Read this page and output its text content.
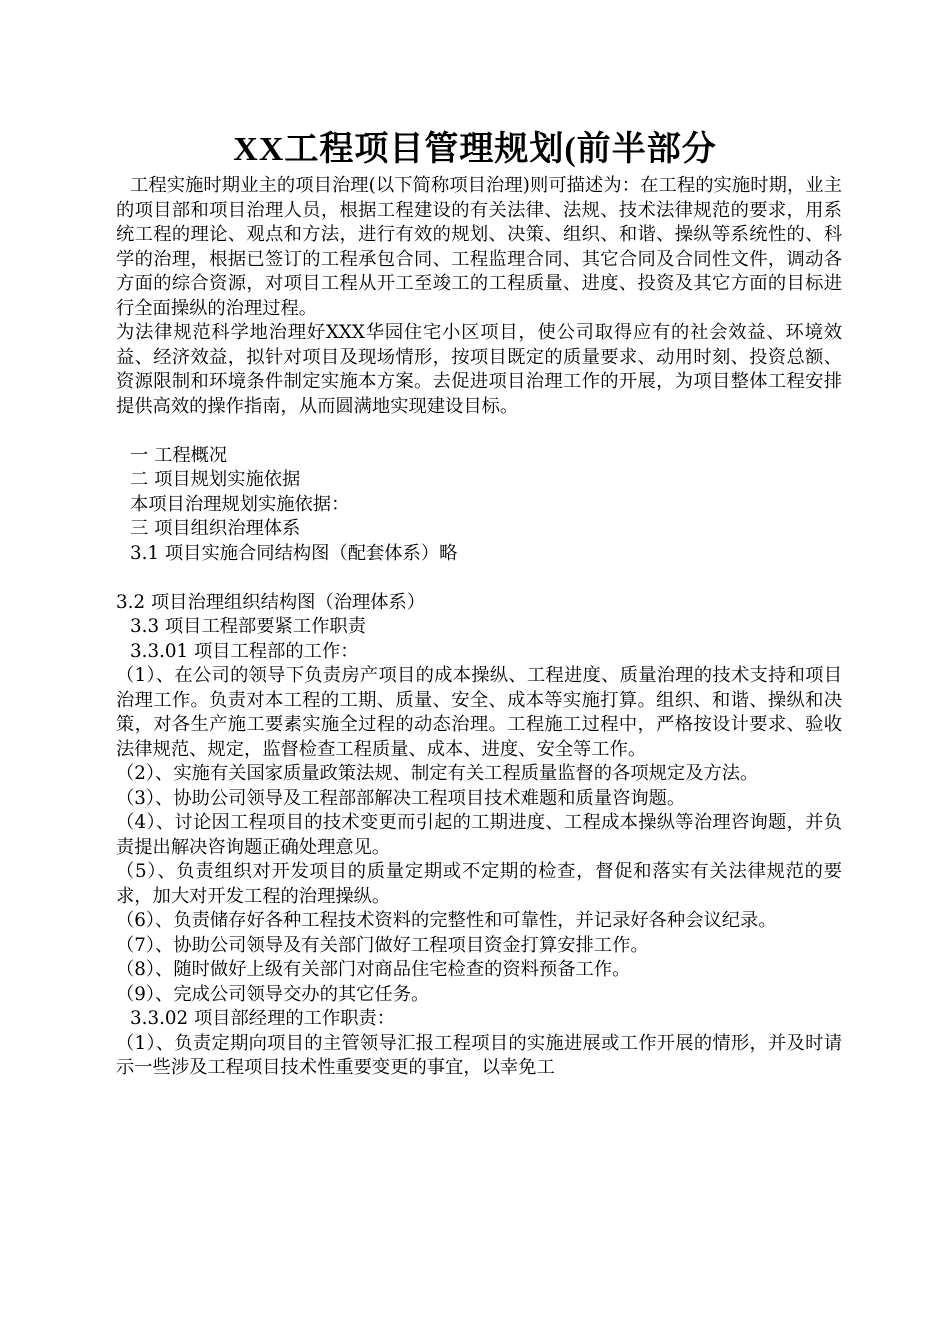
XX工程项目管理规划(前半部分

工程实施时期业主的项目治理(以下简称项目治理)则可描述为：在工程的实施时期，业主的项目部和项目治理人员，根据工程建设的有关法律、法规、技术法律规范的要求，用系统工程的理论、观点和方法，进行有效的规划、决策、组织、和谐、操纵等系统性的、科学的治理，根据已签订的工程承包合同、工程监理合同、其它合同及合同性文件，调动各方面的综合资源，对项目工程从开工至竣工的工程质量、进度、投资及其它方面的目标进行全面操纵的治理过程。

为法律规范科学地治理好XXX华园住宅小区项目，使公司取得应有的社会效益、环境效益、经济效益，拟针对项目及现场情形，按项目既定的质量要求、动用时刻、投资总额、资源限制和环境条件制定实施本方案。去促进项目治理工作的开展，为项目整体工程安排提供高效的操作指南，从而圆满地实现建设目标。

一 工程概况

二 项目规划实施依据

本项目治理规划实施依据：

三 项目组织治理体系

3.1 项目实施合同结构图（配套体系）略

3.2 项目治理组织结构图（治理体系）

3.3 项目工程部要紧工作职责

3.3.01 项目工程部的工作：

（1）、在公司的领导下负责房产项目的成本操纵、工程进度、质量治理的技术支持和项目治理工作。负责对本工程的工期、质量、安全、成本等实施打算。组织、和谐、操纵和决策，对各生产施工要素实施全过程的动态治理。工程施工过程中，严格按设计要求、验收法律规范、规定，监督检查工程质量、成本、进度、安全等工作。

（2）、实施有关国家质量政策法规、制定有关工程质量监督的各项规定及方法。

（3）、协助公司领导及工程部部解决工程项目技术难题和质量咨询题。

（4）、讨论因工程项目的技术变更而引起的工期进度、工程成本操纵等治理咨询题，并负责提出解决咨询题正确处理意见。

（5）、负责组织对开发项目的质量定期或不定期的检查，督促和落实有关法律规范的要求，加大对开发工程的治理操纵。

（6）、负责储存好各种工程技术资料的完整性和可靠性，并记录好各种会议纪录。

（7）、协助公司领导及有关部门做好工程项目资金打算安排工作。

（8）、随时做好上级有关部门对商品住宅检查的资料预备工作。

（9）、完成公司领导交办的其它任务。

3.3.02 项目部经理的工作职责：

（1）、负责定期向项目的主管领导汇报工程项目的实施进展或工作开展的情形，并及时请示一些涉及工程项目技术性重要变更的事宜，以幸免工
